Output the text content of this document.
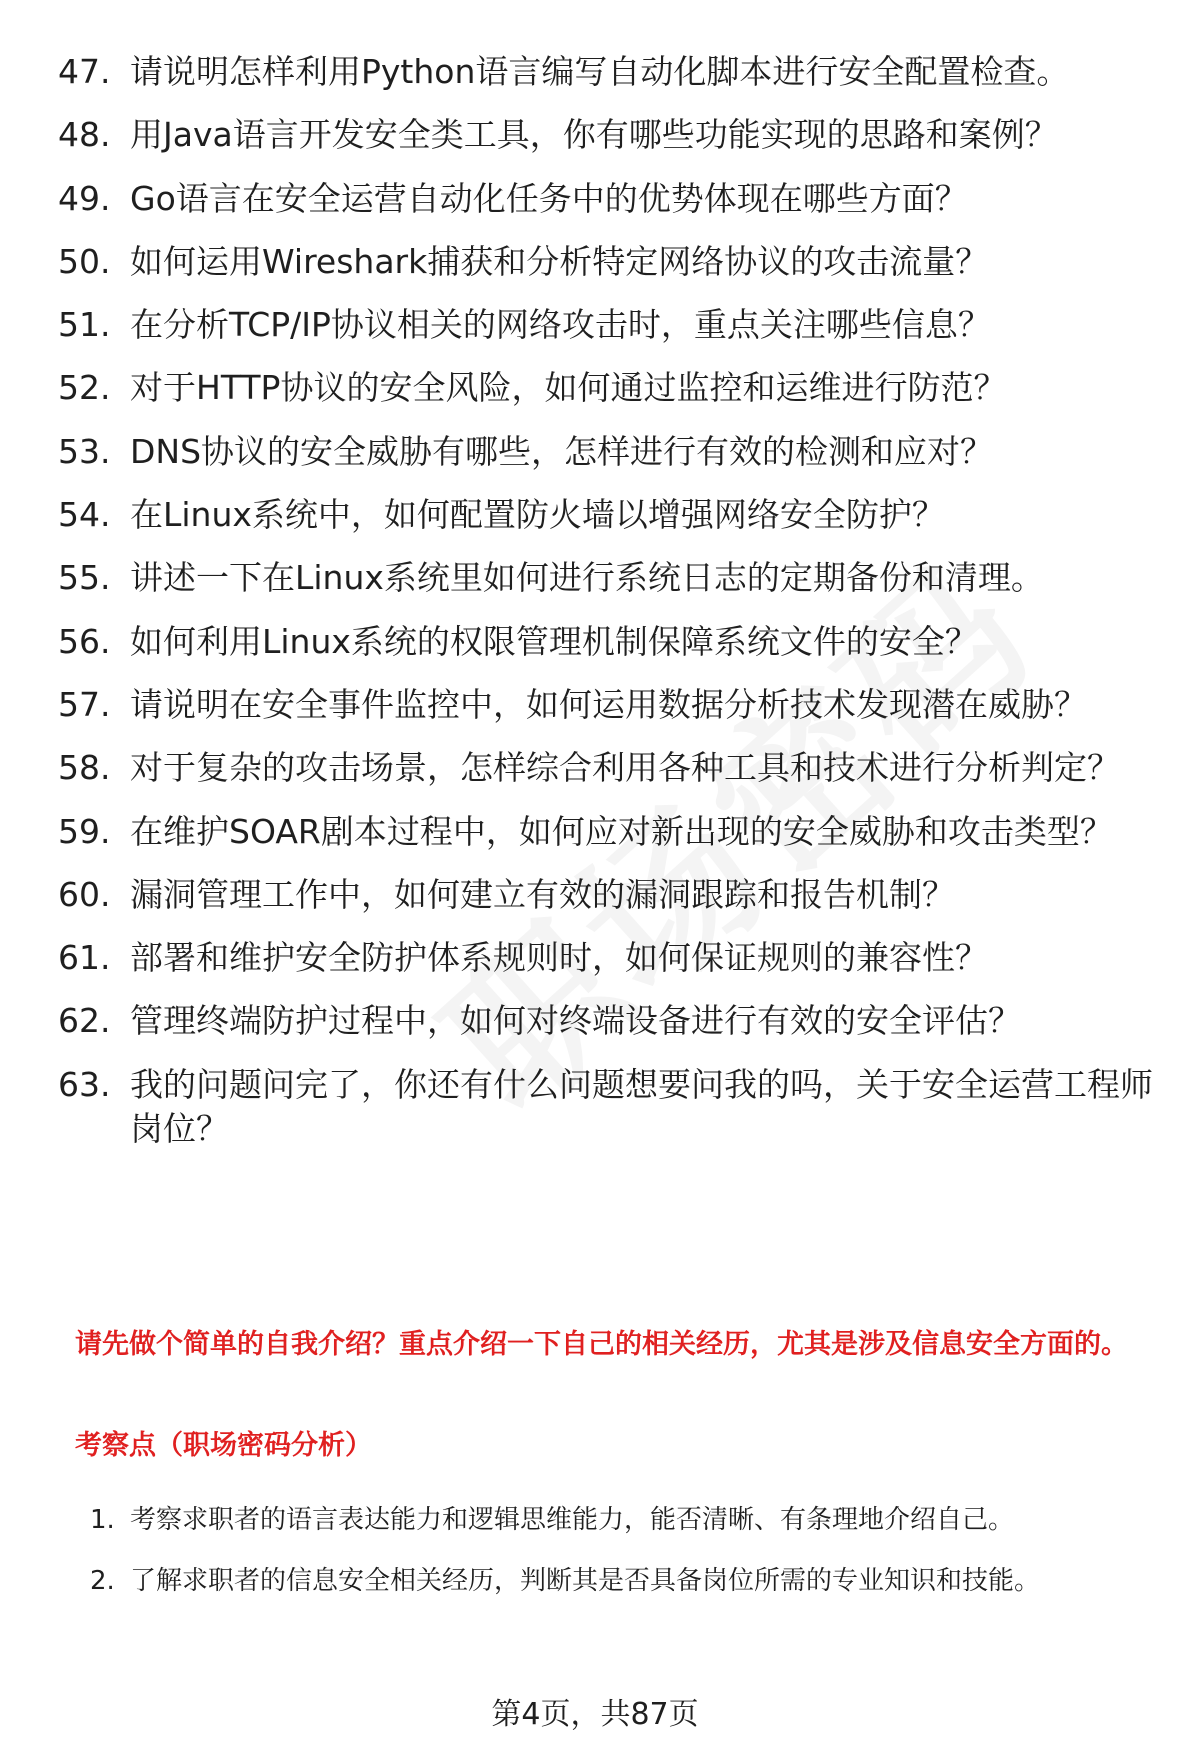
47. 请说明怎样利用Python语言编写自动化脚本进行安全配置检查。
48. 用Java语言开发安全类工具，你有哪些功能实现的思路和案例？
49. Go语言在安全运营自动化任务中的优势体现在哪些方面？
50. 如何运用Wireshark捕获和分析特定网络协议的攻击流量？
51. 在分析TCP/IP协议相关的网络攻击时，重点关注哪些信息？
52. 对于HTTP协议的安全风险，如何通过监控和运维进行防范？
53. DNS协议的安全威胁有哪些，怎样进行有效的检测和应对？
54. 在Linux系统中，如何配置防火墙以增强网络安全防护？
55. 讲述一下在Linux系统里如何进行系统日志的定期备份和清理。
56. 如何利用Linux系统的权限管理机制保障系统文件的安全？
57. 请说明在安全事件监控中，如何运用数据分析技术发现潜在威胁？
58. 对于复杂的攻击场景，怎样综合利用各种工具和技术进行分析判定？
59. 在维护SOAR剧本过程中，如何应对新出现的安全威胁和攻击类型？
60. 漏洞管理工作中，如何建立有效的漏洞跟踪和报告机制？
61. 部署和维护安全防护体系规则时，如何保证规则的兼容性？
62. 管理终端防护过程中，如何对终端设备进行有效的安全评估？
63. 我的问题问完了，你还有什么问题想要问我的吗，关于安全运营工程师岗位？
请先做个简单的自我介绍？重点介绍一下自己的相关经历，尤其是涉及信息安全方面的。
考察点（职场密码分析）
1. 考察求职者的语言表达能力和逻辑思维能力，能否清晰、有条理地介绍自己。
2. 了解求职者的信息安全相关经历，判断其是否具备岗位所需的专业知识和技能。
第4页，共87页
